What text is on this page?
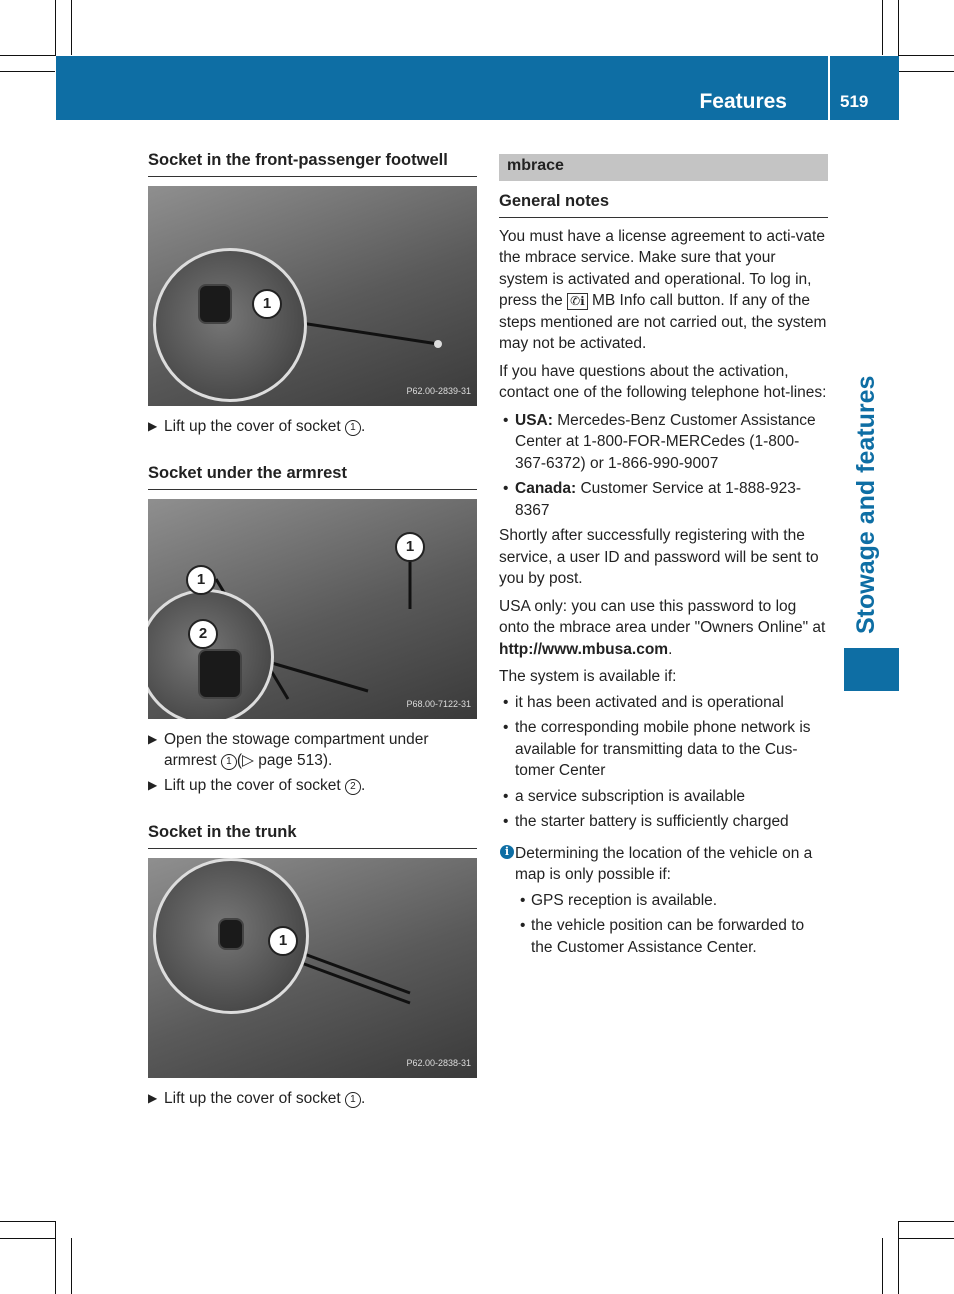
Features	519
Stowage and features
Socket in the front-passenger footwell
1
P62.00-2839-31
▶ Lift up the cover of socket 1 .
Socket under the armrest
1
2
1
P68.00-7122-31
▶ Open the stowage compartment under armrest 1 (▷ page 513).
▶ Lift up the cover of socket 2 .
Socket in the trunk
1
P62.00-2838-31
▶ Lift up the cover of socket 1 .
mbrace
General notes

You must have a license agreement to acti-vate the mbrace service. Make sure that your system is activated and operational. To log in, press the ✆ℹ MB Info call button. If any of the steps mentioned are not carried out, the system may not be activated.

If you have questions about the activation, contact one of the following telephone hot-lines:

• USA: Mercedes-Benz Customer Assistance Center at 1-800-FOR-MERCedes (1-800-367-6372) or 1-866-990-9007
• Canada: Customer Service at 1-888-923-8367

Shortly after successfully registering with the service, a user ID and password will be sent to you by post.

USA only: you can use this password to log onto the mbrace area under "Owners Online" at http://www.mbusa.com.

The system is available if:

• it has been activated and is operational
• the corresponding mobile phone network is available for transmitting data to the Cus-tomer Center
• a service subscription is available
• the starter battery is sufficiently charged
i Determining the location of the vehicle on a map is only possible if:
• GPS reception is available.
• the vehicle position can be forwarded to the Customer Assistance Center.
